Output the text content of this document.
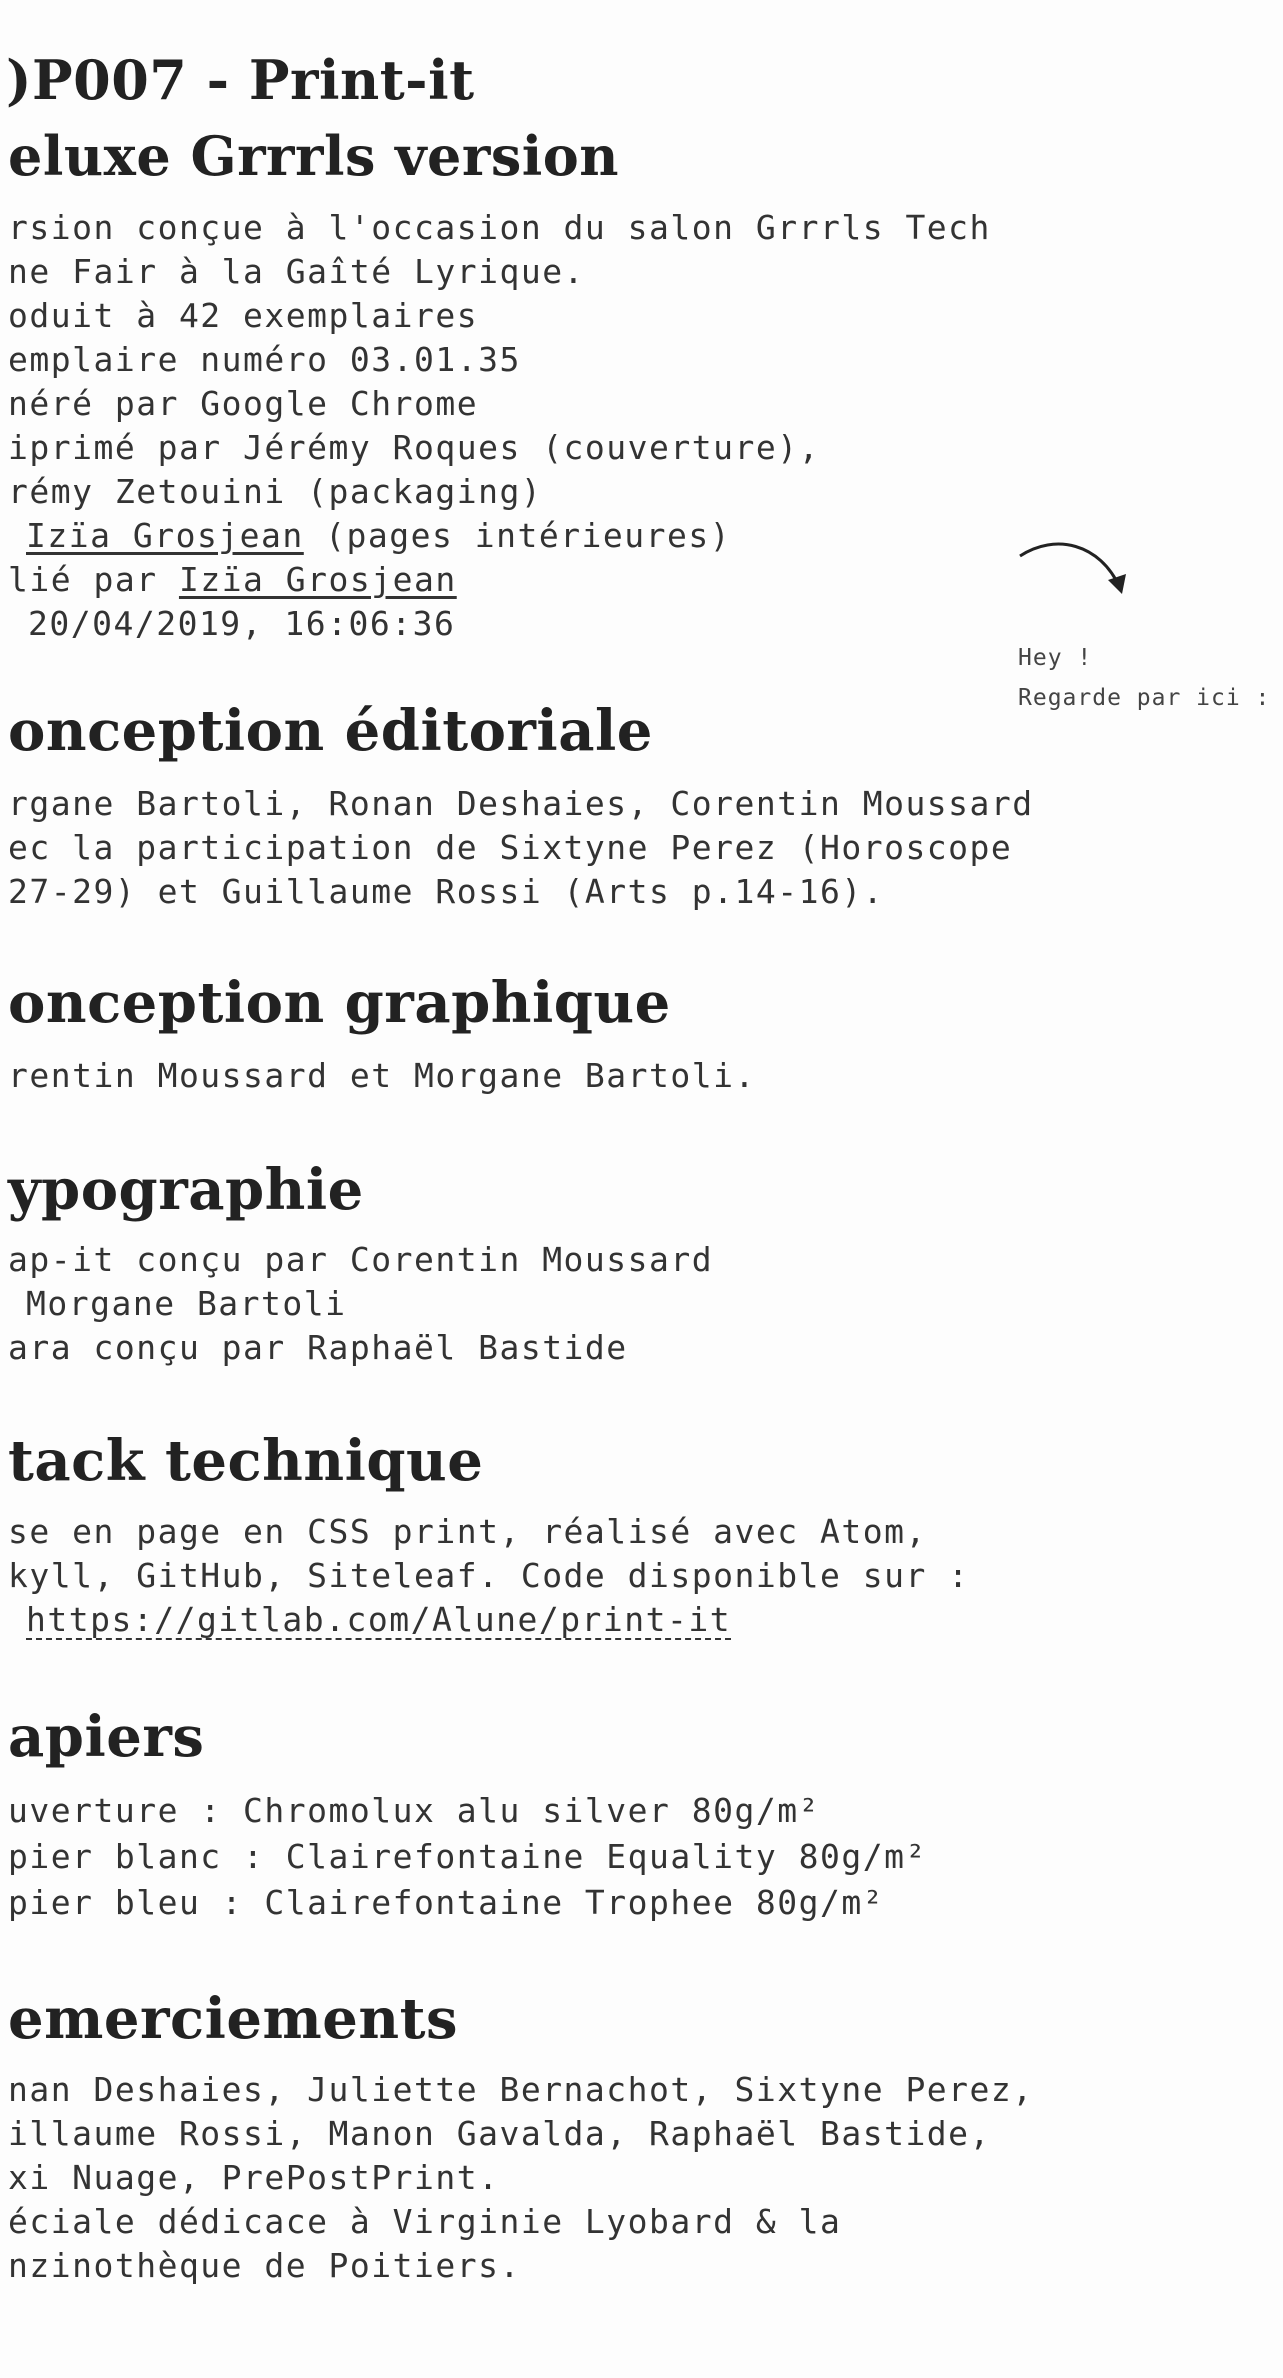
)P007 - Print-it
eluxe Grrrls version
rsion conçue à l'occasion du salon Grrrls Tech
ne Fair à la Gaîté Lyrique.
oduit à 42 exemplaires
emplaire numéro 03.01.35
néré par Google Chrome
iprimé par Jérémy Roques (couverture),
rémy Zetouini (packaging)
Izïa Grosjean (pages intérieures)
lié par Izïa Grosjean
20/04/2019, 16:06:36
Hey !
Regarde par ici :
onception éditoriale
rgane Bartoli, Ronan Deshaies, Corentin Moussard
ec la participation de Sixtyne Perez (Horoscope
27-29) et Guillaume Rossi (Arts p.14-16).
onception graphique
rentin Moussard et Morgane Bartoli.
ypographie
ap-it conçu par Corentin Moussard
Morgane Bartoli
ara conçu par Raphaël Bastide
tack technique
se en page en CSS print, réalisé avec Atom,
kyll, GitHub, Siteleaf. Code disponible sur :
https://gitlab.com/Alune/print-it
apiers
uverture : Chromolux alu silver 80g/m²
pier blanc : Clairefontaine Equality 80g/m²
pier bleu : Clairefontaine Trophee 80g/m²
emerciements
nan Deshaies, Juliette Bernachot, Sixtyne Perez,
illaume Rossi, Manon Gavalda, Raphaël Bastide,
xi Nuage, PrePostPrint.
éciale dédicace à Virginie Lyobard & la
nzinothèque de Poitiers.
